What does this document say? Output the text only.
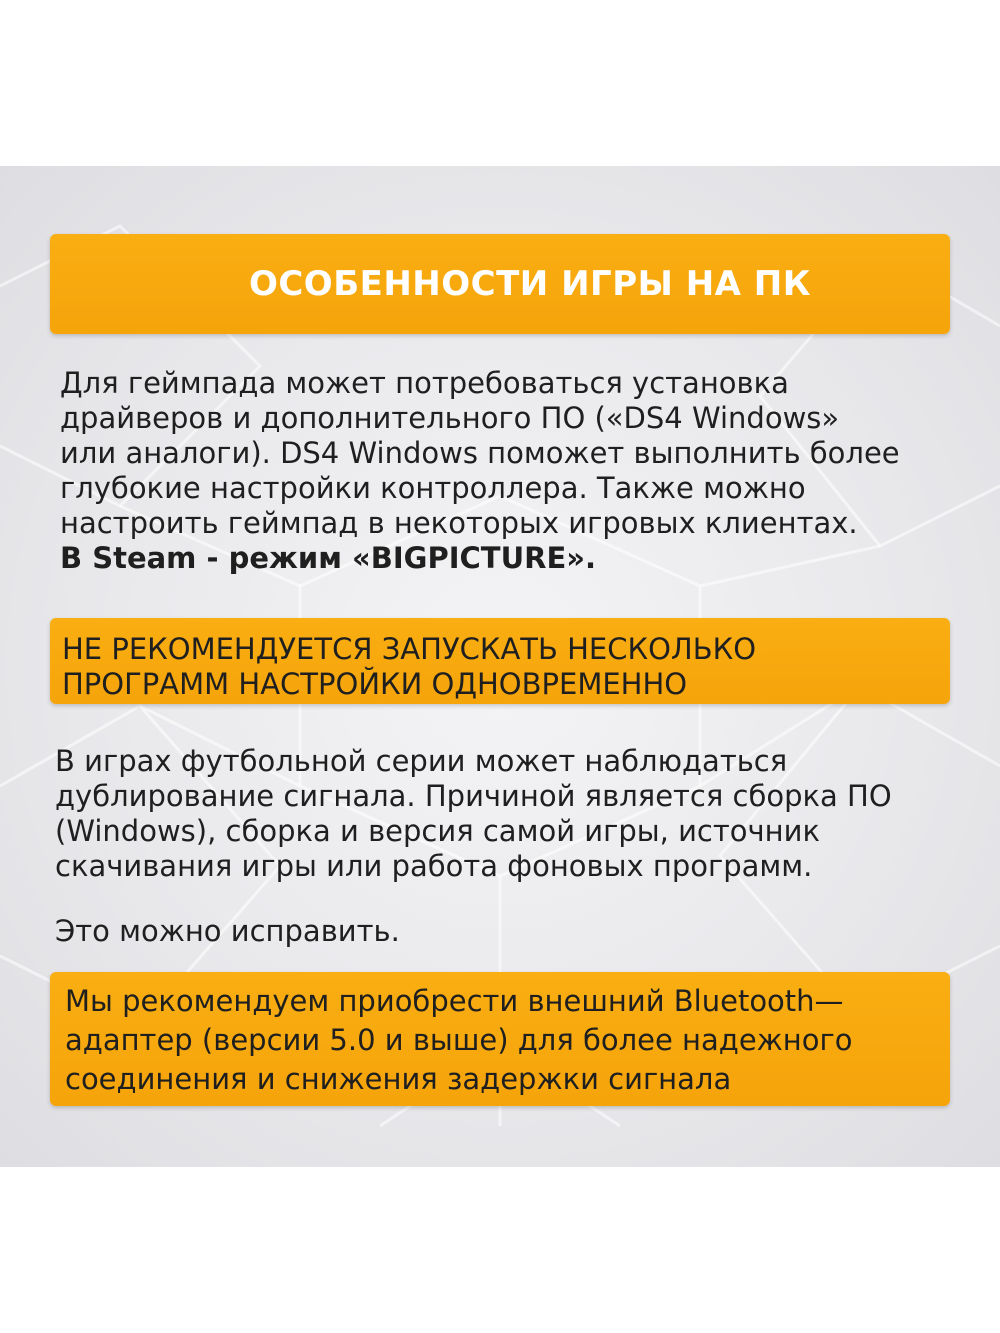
ОСОБЕННОСТИ ИГРЫ НА ПК

Для геймпада может потребоваться установка
драйверов и дополнительного ПО («DS4 Windows»
или аналоги). DS4 Windows поможет выполнить более
глубокие настройки контроллера. Также можно
настроить геймпад в некоторых игровых клиентах.
В Steam - режим «BIGPICTURE».

НЕ РЕКОМЕНДУЕТСЯ ЗАПУСКАТЬ НЕСКОЛЬКО
ПРОГРАММ НАСТРОЙКИ ОДНОВРЕМЕННО

В играх футбольной серии может наблюдаться
дублирование сигнала. Причиной является сборка ПО
(Windows), сборка и версия самой игры, источник
скачивания игры или работа фоновых программ.

Это можно исправить.

Мы рекомендуем приобрести внешний Bluetooth—
адаптер (версии 5.0 и выше) для более надежного
соединения и снижения задержки сигнала
